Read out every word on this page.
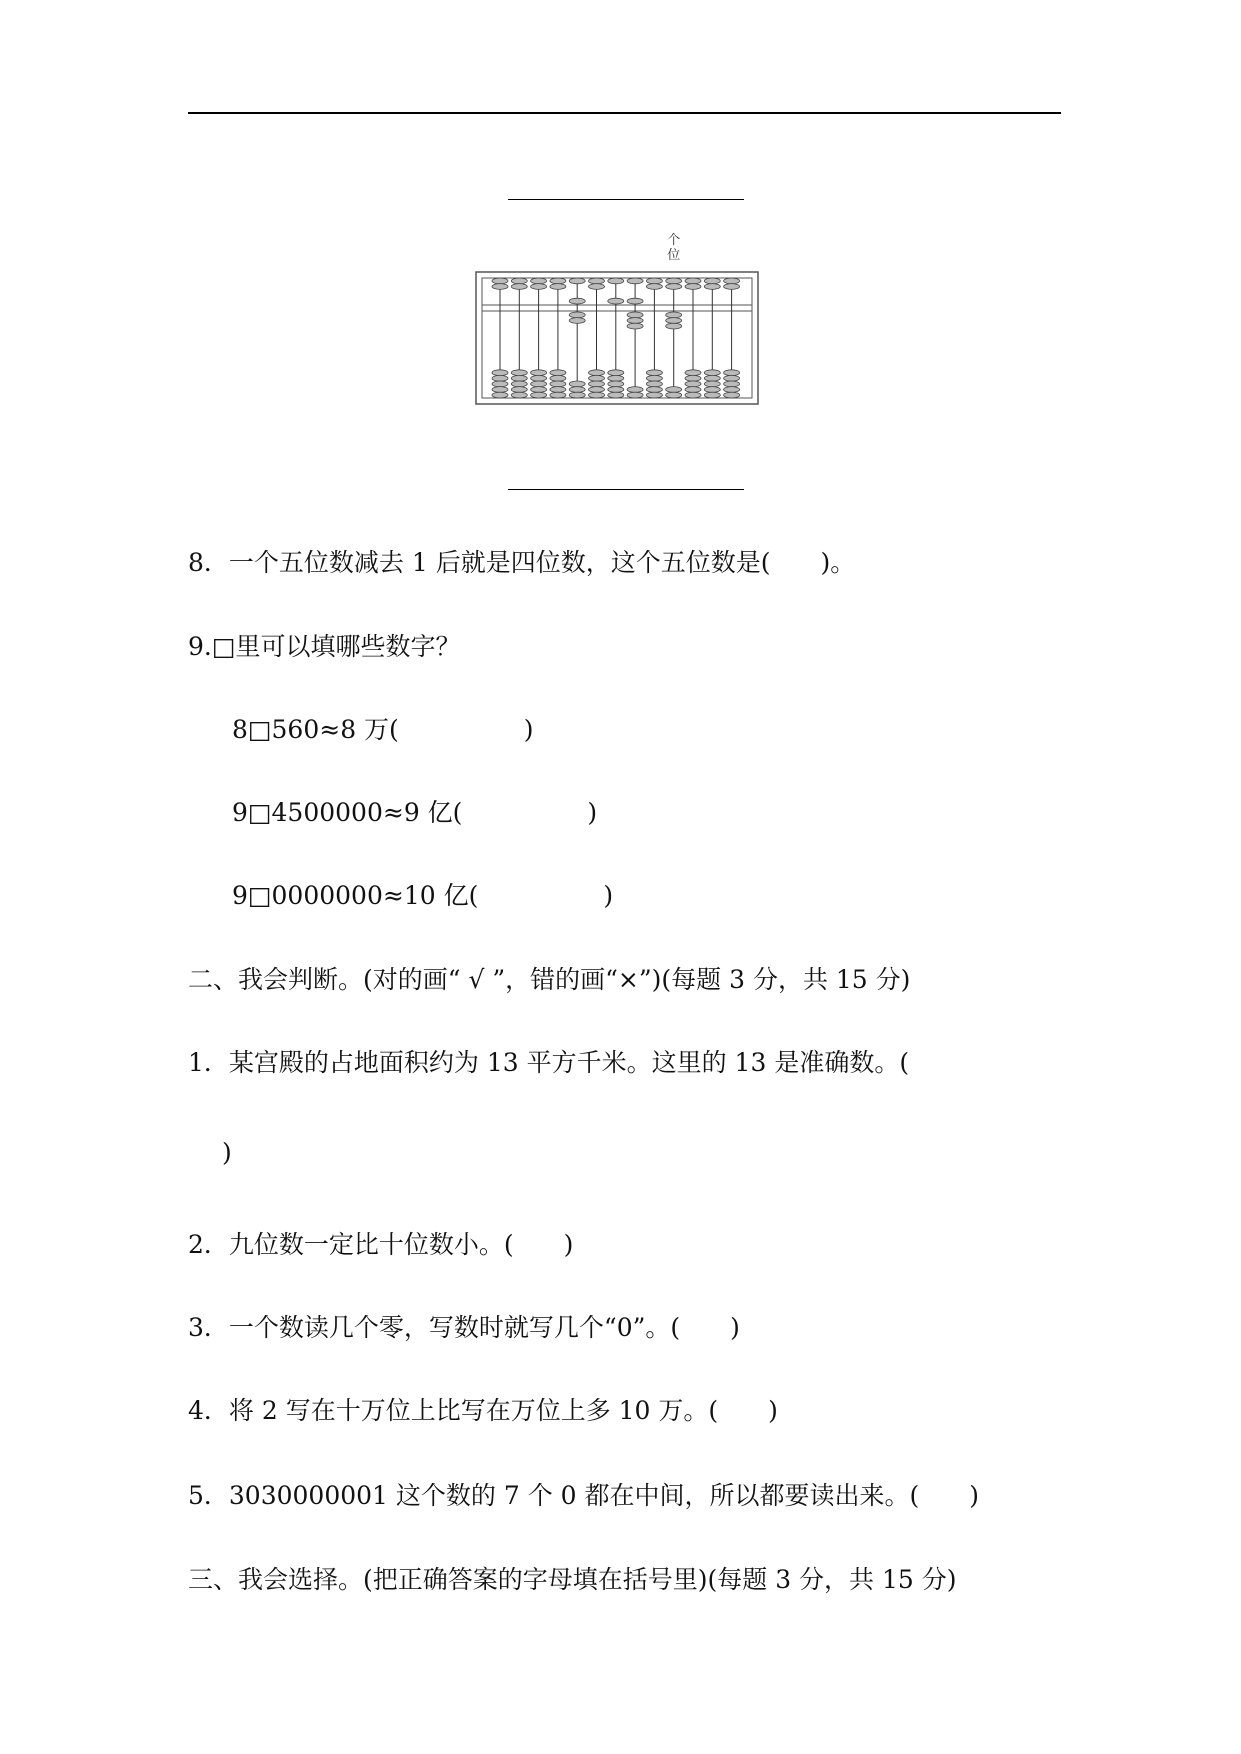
个
位
8．一个五位数减去 1 后就是四位数，这个五位数是(　　)。
9.□里可以填哪些数字？
8□560≈8 万(　　　　　)
9□4500000≈9 亿(　　　　　)
9□0000000≈10 亿(　　　　　)
二、我会判断。(对的画“ √ ”，错的画“×”)(每题 3 分，共 15 分)
1．某宫殿的占地面积约为 13 平方千米。这里的 13 是准确数。(
)
2．九位数一定比十位数小。(　　)
3．一个数读几个零，写数时就写几个“0”。(　　)
4．将 2 写在十万位上比写在万位上多 10 万。(　　)
5．3030000001 这个数的 7 个 0 都在中间，所以都要读出来。(　　)
三、我会选择。(把正确答案的字母填在括号里)(每题 3 分，共 15 分)
